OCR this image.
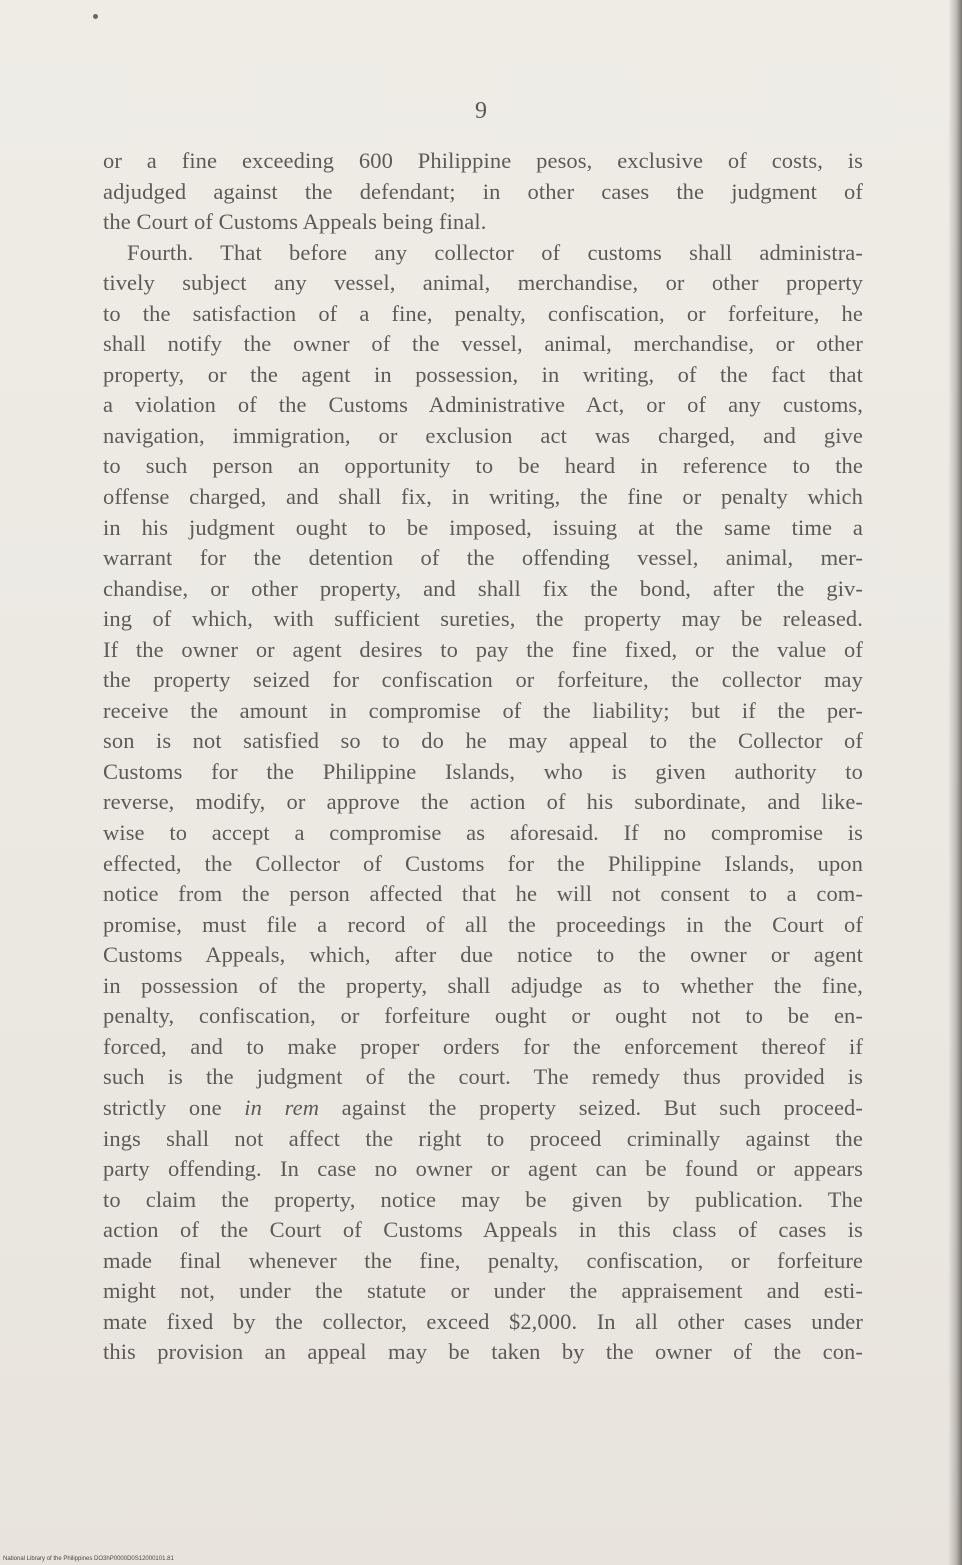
9
or a fine exceeding 600 Philippine pesos, exclusive of costs, is
adjudged against the defendant; in other cases the judgment of
the Court of Customs Appeals being final.
Fourth. That before any collector of customs shall administra-
tively subject any vessel, animal, merchandise, or other property
to the satisfaction of a fine, penalty, confiscation, or forfeiture, he
shall notify the owner of the vessel, animal, merchandise, or other
property, or the agent in possession, in writing, of the fact that
a violation of the Customs Administrative Act, or of any customs,
navigation, immigration, or exclusion act was charged, and give
to such person an opportunity to be heard in reference to the
offense charged, and shall fix, in writing, the fine or penalty which
in his judgment ought to be imposed, issuing at the same time a
warrant for the detention of the offending vessel, animal, mer-
chandise, or other property, and shall fix the bond, after the giv-
ing of which, with sufficient sureties, the property may be released.
If the owner or agent desires to pay the fine fixed, or the value of
the property seized for confiscation or forfeiture, the collector may
receive the amount in compromise of the liability; but if the per-
son is not satisfied so to do he may appeal to the Collector of
Customs for the Philippine Islands, who is given authority to
reverse, modify, or approve the action of his subordinate, and like-
wise to accept a compromise as aforesaid. If no compromise is
effected, the Collector of Customs for the Philippine Islands, upon
notice from the person affected that he will not consent to a com-
promise, must file a record of all the proceedings in the Court of
Customs Appeals, which, after due notice to the owner or agent
in possession of the property, shall adjudge as to whether the fine,
penalty, confiscation, or forfeiture ought or ought not to be en-
forced, and to make proper orders for the enforcement thereof if
such is the judgment of the court. The remedy thus provided is
strictly one in rem against the property seized. But such proceed-
ings shall not affect the right to proceed criminally against the
party offending. In case no owner or agent can be found or appears
to claim the property, notice may be given by publication. The
action of the Court of Customs Appeals in this class of cases is
made final whenever the fine, penalty, confiscation, or forfeiture
might not, under the statute or under the appraisement and esti-
mate fixed by the collector, exceed $2,000. In all other cases under
this provision an appeal may be taken by the owner of the con-
National Library of the Philippines DO3hP0000D0S12000101.81
